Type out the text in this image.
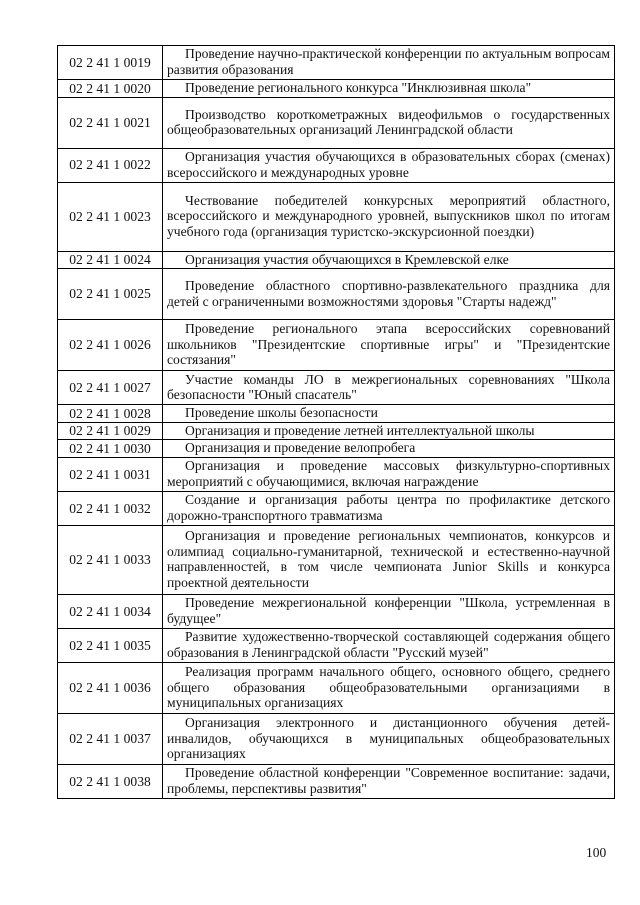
02 2 41 1 0019	Проведение научно-практической конференции по актуальным вопросам развития образования
02 2 41 1 0020	Проведение регионального конкурса "Инклюзивная школа"
02 2 41 1 0021	Производство короткометражных видеофильмов о государственных общеобразовательных организаций Ленинградской области
02 2 41 1 0022	Организация участия обучающихся в образовательных сборах (сменах) всероссийского и международных уровне
02 2 41 1 0023	Чествование победителей конкурсных мероприятий областного, всероссийского и международного уровней, выпускников школ по итогам учебного года (организация туристско-экскурсионной поездки)
02 2 41 1 0024	Организация участия обучающихся в Кремлевской елке
02 2 41 1 0025	Проведение областного спортивно-развлекательного праздника для детей с ограниченными возможностями здоровья "Старты надежд"
02 2 41 1 0026	Проведение регионального этапа всероссийских соревнований школьников "Президентские спортивные игры" и "Президентские состязания"
02 2 41 1 0027	Участие команды ЛО в межрегиональных соревнованиях "Школа безопасности "Юный спасатель"
02 2 41 1 0028	Проведение школы безопасности
02 2 41 1 0029	Организация и проведение летней интеллектуальной школы
02 2 41 1 0030	Организация и проведение велопробега
02 2 41 1 0031	Организация и проведение массовых физкультурно-спортивных мероприятий с обучающимися, включая награждение
02 2 41 1 0032	Создание и организация работы центра по профилактике детского дорожно-транспортного травматизма
02 2 41 1 0033	Организация и проведение региональных чемпионатов, конкурсов и олимпиад социально-гуманитарной, технической и естественно-научной направленностей, в том числе чемпионата Junior Skills и конкурса проектной деятельности
02 2 41 1 0034	Проведение межрегиональной конференции "Школа, устремленная в будущее"
02 2 41 1 0035	Развитие художественно-творческой составляющей содержания общего образования в Ленинградской области "Русский музей"
02 2 41 1 0036	Реализация программ начального общего, основного общего, среднего общего образования общеобразовательными организациями в муниципальных организациях
02 2 41 1 0037	Организация электронного и дистанционного обучения детей-инвалидов, обучающихся в муниципальных общеобразовательных организациях
02 2 41 1 0038	Проведение областной конференции "Современное воспитание: задачи, проблемы, перспективы развития"
100
